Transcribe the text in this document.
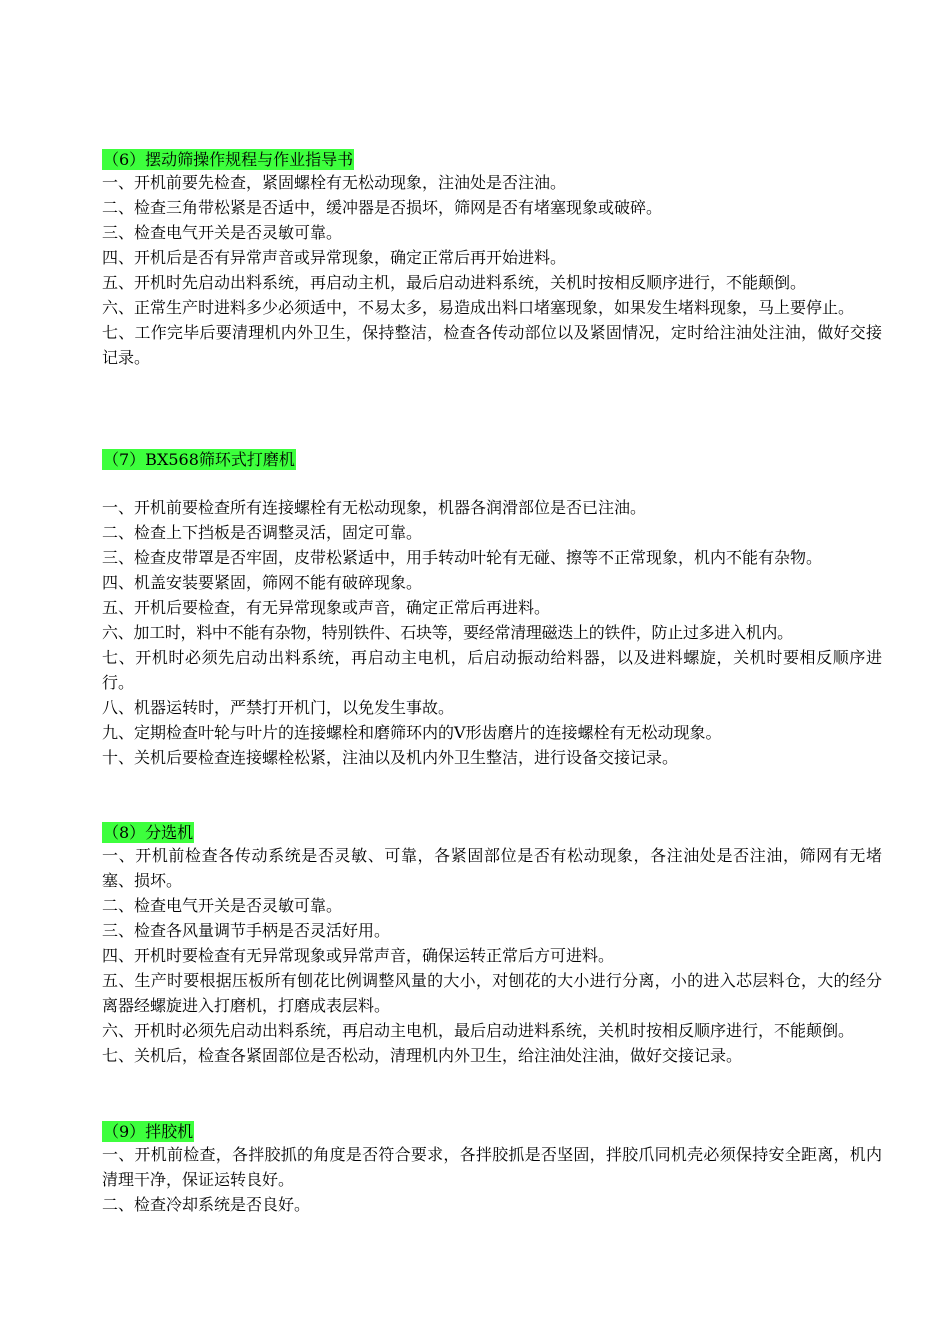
（6）摆动筛操作规程与作业指导书
一、开机前要先检查，紧固螺栓有无松动现象，注油处是否注油。
二、检查三角带松紧是否适中，缓冲器是否损坏，筛网是否有堵塞现象或破碎。
三、检查电气开关是否灵敏可靠。
四、开机后是否有异常声音或异常现象，确定正常后再开始进料。
五、开机时先启动出料系统，再启动主机，最后启动进料系统，关机时按相反顺序进行，不能颠倒。
六、正常生产时进料多少必须适中，不易太多，易造成出料口堵塞现象，如果发生堵料现象，马上要停止。
七、工作完毕后要清理机内外卫生，保持整洁，检查各传动部位以及紧固情况，定时给注油处注油，做好交接记录。
（7）BX568筛环式打磨机
一、开机前要检查所有连接螺栓有无松动现象，机器各润滑部位是否已注油。
二、检查上下挡板是否调整灵活，固定可靠。
三、检查皮带罩是否牢固，皮带松紧适中，用手转动叶轮有无碰、擦等不正常现象，机内不能有杂物。
四、机盖安装要紧固，筛网不能有破碎现象。
五、开机后要检查，有无异常现象或声音，确定正常后再进料。
六、加工时，料中不能有杂物，特别铁件、石块等，要经常清理磁迭上的铁件，防止过多进入机内。
七、开机时必须先启动出料系统，再启动主电机，后启动振动给料器，以及进料螺旋，关机时要相反顺序进行。
八、机器运转时，严禁打开机门，以免发生事故。
九、定期检查叶轮与叶片的连接螺栓和磨筛环内的V形齿磨片的连接螺栓有无松动现象。
十、关机后要检查连接螺栓松紧，注油以及机内外卫生整洁，进行设备交接记录。
（8）分选机
一、开机前检查各传动系统是否灵敏、可靠，各紧固部位是否有松动现象，各注油处是否注油，筛网有无堵塞、损坏。
二、检查电气开关是否灵敏可靠。
三、检查各风量调节手柄是否灵活好用。
四、开机时要检查有无异常现象或异常声音，确保运转正常后方可进料。
五、生产时要根据压板所有刨花比例调整风量的大小，对刨花的大小进行分离，小的进入芯层料仓，大的经分离器经螺旋进入打磨机，打磨成表层料。
六、开机时必须先启动出料系统，再启动主电机，最后启动进料系统，关机时按相反顺序进行，不能颠倒。
七、关机后，检查各紧固部位是否松动，清理机内外卫生，给注油处注油，做好交接记录。
（9）拌胶机
一、开机前检查，各拌胶抓的角度是否符合要求，各拌胶抓是否坚固，拌胶爪同机壳必须保持安全距离，机内清理干净，保证运转良好。
二、检查冷却系统是否良好。
